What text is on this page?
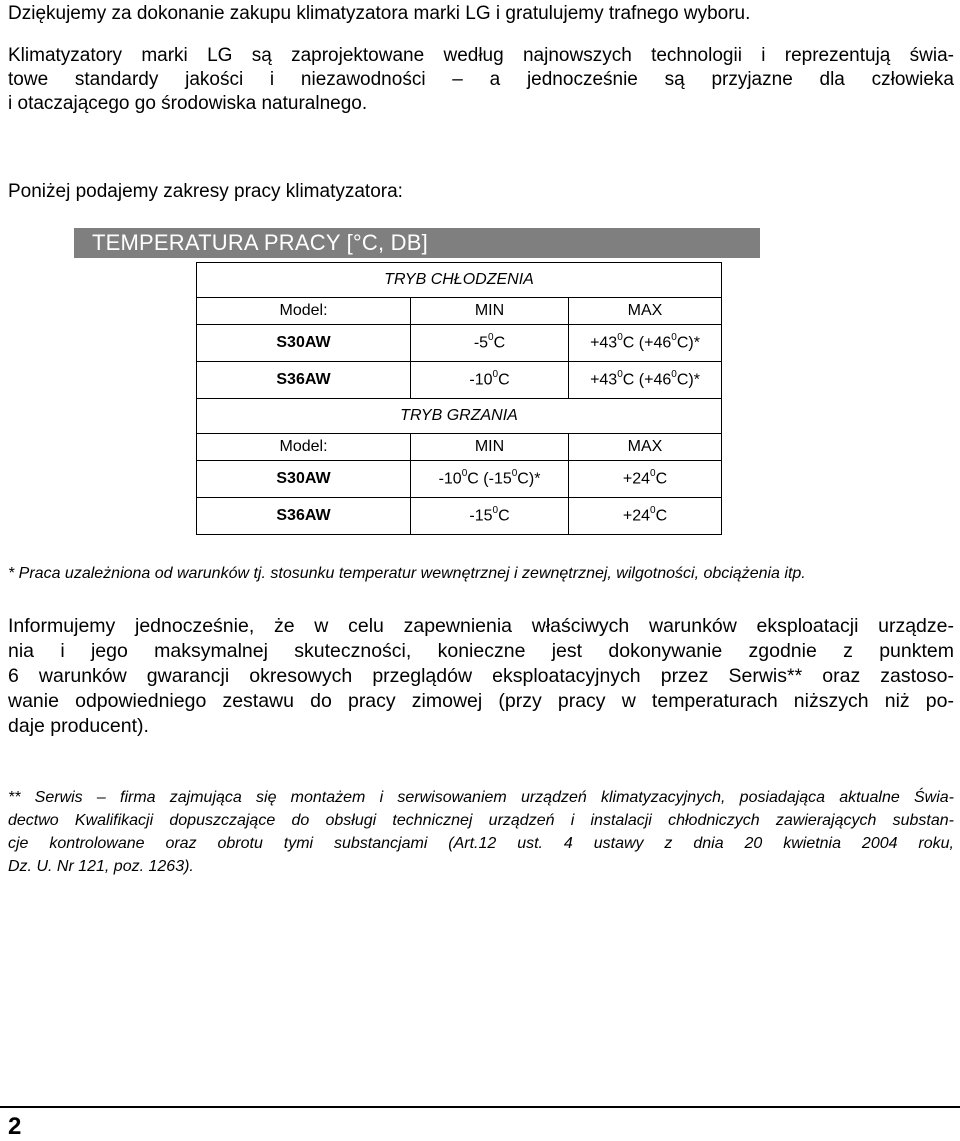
Dziękujemy za dokonanie zakupu klimatyzatora marki LG i gratulujemy trafnego wyboru.

Klimatyzatory marki LG są zaprojektowane według najnowszych technologii i reprezentują świa-
towe standardy jakości i niezawodności – a jednocześnie są przyjazne dla człowieka
i otaczającego go środowiska naturalnego.

Poniżej podajemy zakresy pracy klimatyzatora:

TEMPERATURA PRACY [°C, DB]
TRYB CHŁODZENIA		
Model:	MIN	MAX
S30AW	$-5^0C$	$+43^0C$ $(+46^0C)*$
S36AW	$-10^0C$	$+43^0C$ $(+46^0C)*$
TRYB GRZANIA		
Model:	MIN	MAX
S30AW	$-10^0C$ $(-15^0C)*$	$+24^0C$
S36AW	$-15^0C$	$+24^0C$

* Praca uzależniona od warunków tj. stosunku temperatur wewnętrznej i zewnętrznej, wilgotności, obciążenia itp.

Informujemy jednocześnie, że w celu zapewnienia właściwych warunków eksploatacji urządze-
nia i jego maksymalnej skuteczności, konieczne jest dokonywanie zgodnie z punktem
6 warunków gwarancji okresowych przeglądów eksploatacyjnych przez Serwis** oraz zastoso-
wanie odpowiedniego zestawu do pracy zimowej (przy pracy w temperaturach niższych niż po-
daje producent).
** Serwis – firma zajmująca się montażem i serwisowaniem urządzeń klimatyzacyjnych, posiadająca aktualne Świa-
dectwo Kwalifikacji dopuszczające do obsługi technicznej urządzeń i instalacji chłodniczych zawierających substan-
cje kontrolowane oraz obrotu tymi substancjami (Art.12 ust. 4 ustawy z dnia 20 kwietnia 2004 roku,
Dz. U. Nr 121, poz. 1263).
2
